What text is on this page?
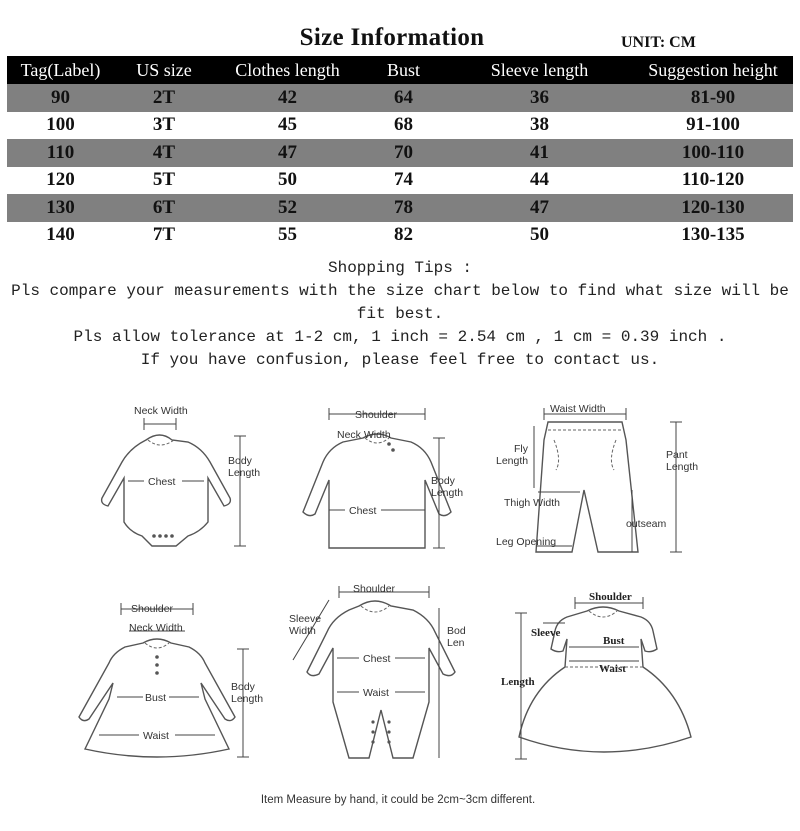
Size Information	UNIT: CM
Tag(Label)	US size	Clothes length	Bust	Sleeve length	Suggestion height
90	2T	42	64	36	81-90
100	3T	45	68	38	91-100
110	4T	47	70	41	100-110
120	5T	50	74	44	110-120
130	6T	52	78	47	120-130
140	7T	55	82	50	130-135

Shopping Tips :

Pls compare your measurements with the size chart below to find what size will be fit best.

Pls allow tolerance at 1-2 cm, 1 inch = 2.54 cm , 1 cm = 0.39 inch .

If you have confusion, please feel free to contact us.

Neck Width
Chest
Body
Length
Shoulder
Neck Width
Chest
Body
Length
Waist Width
Fly
Length	Pant
Length
Thigh Width
outseam
Leg Opening
Shoulder
Neck Width
Bust
Waist
Body
Length
Shoulder
Sleeve
Width
Chest
Waist
Bod
Len
Shoulder
Sleeve
Bust
Waist
Length
Item Measure by hand, it could be 2cm~3cm different.
